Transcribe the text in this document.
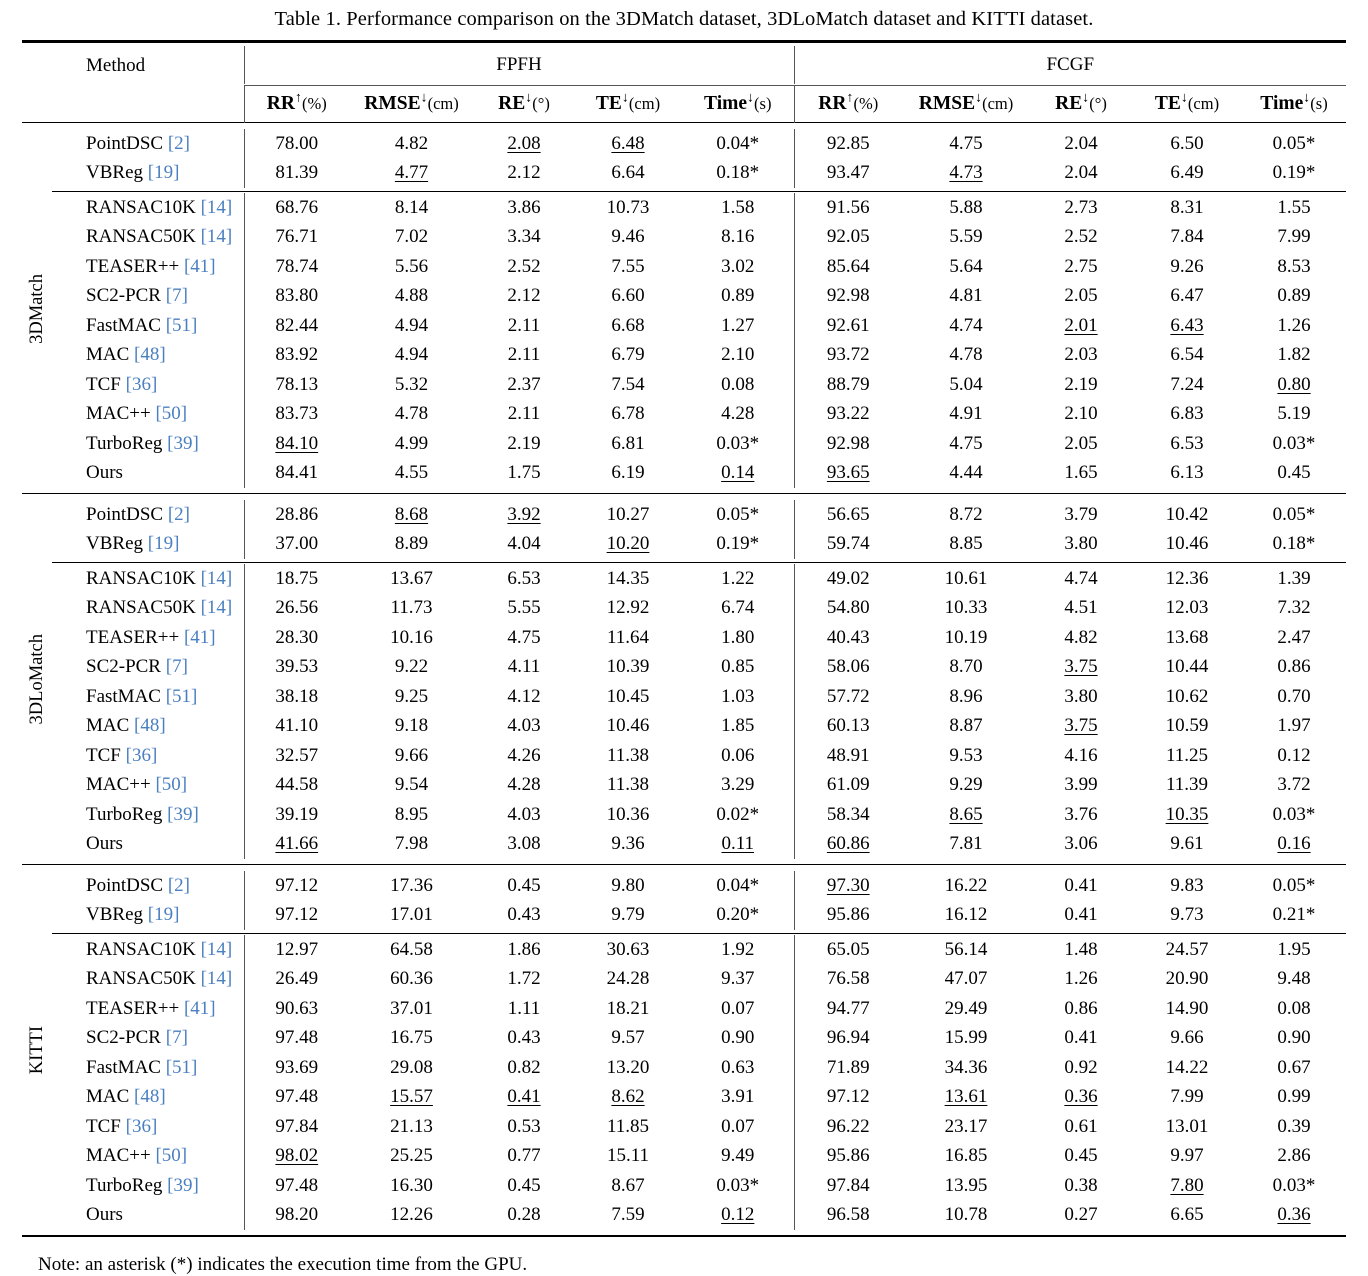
Table 1. Performance comparison on the 3DMatch dataset, 3DLoMatch dataset and KITTI dataset.

	Method	FPFH					FCGF				

		RR↑(%)	RMSE↓(cm)	RE↓(°)	TE↓(cm)	Time↓(s)	RR↑(%)	RMSE↓(cm)	RE↓(°)	TE↓(cm)	Time↓(s)

3DMatch											

	PointDSC [2]	78.00	4.82	2.08	6.48	0.04*	92.85	4.75	2.04	6.50	0.05*
	VBReg [19]	81.39	4.77	2.12	6.64	0.18*	93.47	4.73	2.04	6.49	0.19*

	RANSAC10K [14]	68.76	8.14	3.86	10.73	1.58	91.56	5.88	2.73	8.31	1.55
	RANSAC50K [14]	76.71	7.02	3.34	9.46	8.16	92.05	5.59	2.52	7.84	7.99
	TEASER++ [41]	78.74	5.56	2.52	7.55	3.02	85.64	5.64	2.75	9.26	8.53
	SC2-PCR [7]	83.80	4.88	2.12	6.60	0.89	92.98	4.81	2.05	6.47	0.89
	FastMAC [51]	82.44	4.94	2.11	6.68	1.27	92.61	4.74	2.01	6.43	1.26
	MAC [48]	83.92	4.94	2.11	6.79	2.10	93.72	4.78	2.03	6.54	1.82
	TCF [36]	78.13	5.32	2.37	7.54	0.08	88.79	5.04	2.19	7.24	0.80
	MAC++ [50]	83.73	4.78	2.11	6.78	4.28	93.22	4.91	2.10	6.83	5.19
	TurboReg [39]	84.10	4.99	2.19	6.81	0.03*	92.98	4.75	2.05	6.53	0.03*
	Ours	84.41	4.55	1.75	6.19	0.14	93.65	4.44	1.65	6.13	0.45

3DLoMatch											

	PointDSC [2]	28.86	8.68	3.92	10.27	0.05*	56.65	8.72	3.79	10.42	0.05*
	VBReg [19]	37.00	8.89	4.04	10.20	0.19*	59.74	8.85	3.80	10.46	0.18*

	RANSAC10K [14]	18.75	13.67	6.53	14.35	1.22	49.02	10.61	4.74	12.36	1.39
	RANSAC50K [14]	26.56	11.73	5.55	12.92	6.74	54.80	10.33	4.51	12.03	7.32
	TEASER++ [41]	28.30	10.16	4.75	11.64	1.80	40.43	10.19	4.82	13.68	2.47
	SC2-PCR [7]	39.53	9.22	4.11	10.39	0.85	58.06	8.70	3.75	10.44	0.86
	FastMAC [51]	38.18	9.25	4.12	10.45	1.03	57.72	8.96	3.80	10.62	0.70
	MAC [48]	41.10	9.18	4.03	10.46	1.85	60.13	8.87	3.75	10.59	1.97
	TCF [36]	32.57	9.66	4.26	11.38	0.06	48.91	9.53	4.16	11.25	0.12
	MAC++ [50]	44.58	9.54	4.28	11.38	3.29	61.09	9.29	3.99	11.39	3.72
	TurboReg [39]	39.19	8.95	4.03	10.36	0.02*	58.34	8.65	3.76	10.35	0.03*
	Ours	41.66	7.98	3.08	9.36	0.11	60.86	7.81	3.06	9.61	0.16

KITTI											

	PointDSC [2]	97.12	17.36	0.45	9.80	0.04*	97.30	16.22	0.41	9.83	0.05*
	VBReg [19]	97.12	17.01	0.43	9.79	0.20*	95.86	16.12	0.41	9.73	0.21*

	RANSAC10K [14]	12.97	64.58	1.86	30.63	1.92	65.05	56.14	1.48	24.57	1.95
	RANSAC50K [14]	26.49	60.36	1.72	24.28	9.37	76.58	47.07	1.26	20.90	9.48
	TEASER++ [41]	90.63	37.01	1.11	18.21	0.07	94.77	29.49	0.86	14.90	0.08
	SC2-PCR [7]	97.48	16.75	0.43	9.57	0.90	96.94	15.99	0.41	9.66	0.90
	FastMAC [51]	93.69	29.08	0.82	13.20	0.63	71.89	34.36	0.92	14.22	0.67
	MAC [48]	97.48	15.57	0.41	8.62	3.91	97.12	13.61	0.36	7.99	0.99
	TCF [36]	97.84	21.13	0.53	11.85	0.07	96.22	23.17	0.61	13.01	0.39
	MAC++ [50]	98.02	25.25	0.77	15.11	9.49	95.86	16.85	0.45	9.97	2.86
	TurboReg [39]	97.48	16.30	0.45	8.67	0.03*	97.84	13.95	0.38	7.80	0.03*
	Ours	98.20	12.26	0.28	7.59	0.12	96.58	10.78	0.27	6.65	0.36

Note: an asterisk (*) indicates the execution time from the GPU.
